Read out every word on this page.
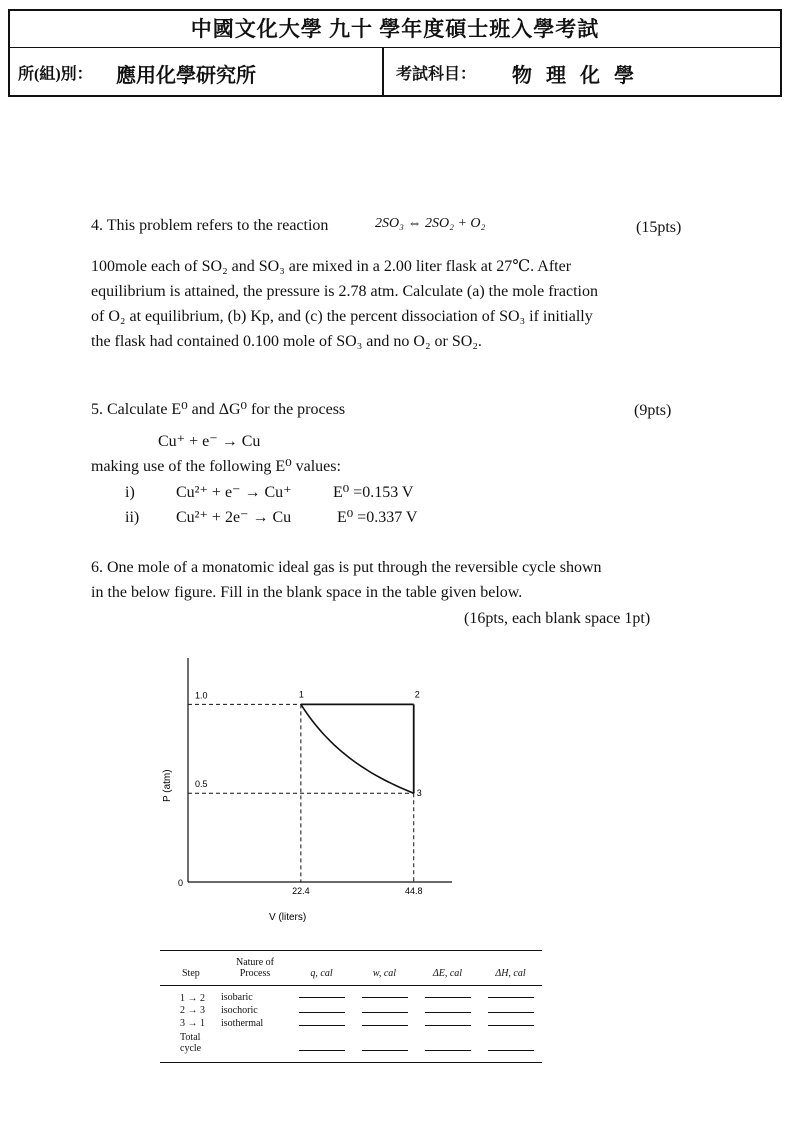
中國文化大學 九十 學年度碩士班入學考試
所(組)別： 應用化學研究所	考試科目： 物理化學
4. This problem refers to the reaction	2SO₃ ⇔ 2SO₂ + O₂	(15pts)
100mole each of SO₂ and SO₃ are mixed in a 2.00 liter flask at 27℃. After
equilibrium is attained, the pressure is 2.78 atm. Calculate (a) the mole fraction
of O₂ at equilibrium, (b) Kp, and (c) the percent dissociation of SO₃ if initially
the flask had contained 0.100 mole of SO₃ and no O₂ or SO₂.
5. Calculate E⁰ and ΔG⁰ for the process	(9pts)
Cu⁺ + e⁻ → Cu
making use of the following E⁰ values:
i)	Cu²⁺ + e⁻ → Cu⁺	E⁰ =0.153 V
ii) Cu²⁺ + 2e⁻ → Cu	E⁰ =0.337 V
6. One mole of a monatomic ideal gas is put through the reversible cycle shown
in the below figure. Fill in the blank space in the table given below.
(16pts, each blank space 1pt)
0
1.0
0.5
22.4	44.8
1	2
3
V (liters)
P (atm)
Step	Nature of Process	q, cal	w, cal	ΔE, cal	ΔH, cal
1 → 2	isobaric				
2 → 3	isochoric				
3 → 1	isothermal				
Total cycle					
